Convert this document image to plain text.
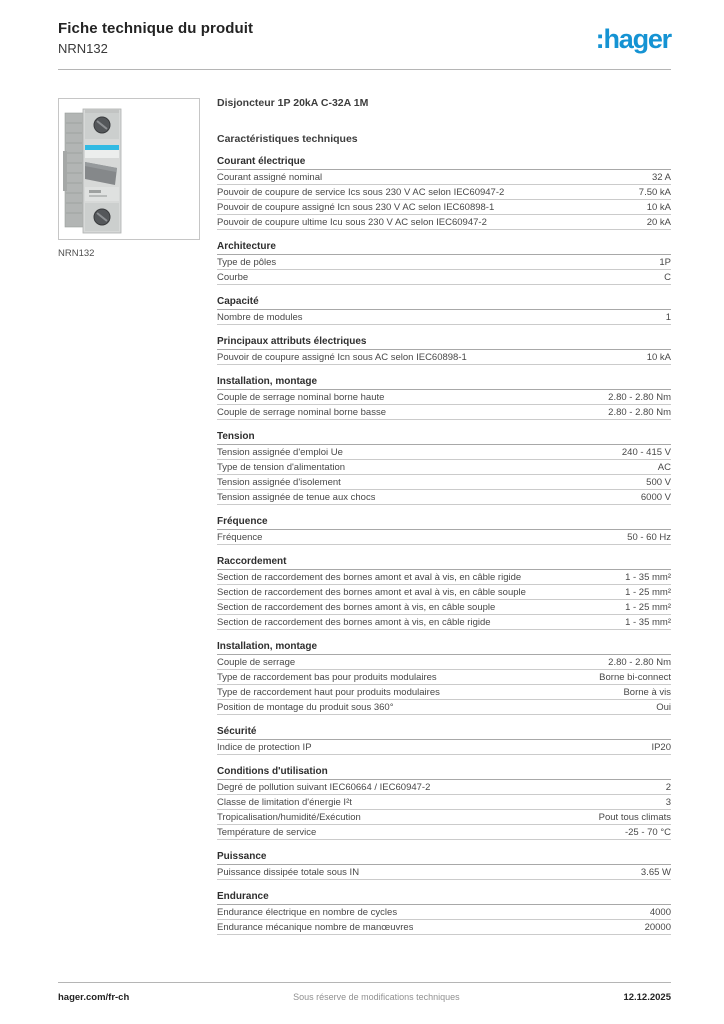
Fiche technique du produit
NRN132	:hager
NRN132
Disjoncteur 1P 20kA C-32A 1M
Caractéristiques techniques
Courant électrique
Courant assigné nominal	32 A
Pouvoir de coupure de service Ics sous 230 V AC selon IEC60947-2	7.50 kA
Pouvoir de coupure assigné Icn sous 230 V AC selon IEC60898-1	10 kA
Pouvoir de coupure ultime Icu sous 230 V AC selon IEC60947-2	20 kA
Architecture
Type de pôles	1P
Courbe	C
Capacité
Nombre de modules	1
Principaux attributs électriques
Pouvoir de coupure assigné Icn sous AC selon IEC60898-1	10 kA
Installation, montage
Couple de serrage nominal borne haute	2.80 - 2.80 Nm
Couple de serrage nominal borne basse	2.80 - 2.80 Nm
Tension
Tension assignée d'emploi Ue	240 - 415 V
Type de tension d'alimentation	AC
Tension assignée d'isolement	500 V
Tension assignée de tenue aux chocs	6000 V
Fréquence
Fréquence	50 - 60 Hz
Raccordement
Section de raccordement des bornes amont et aval à vis, en câble rigide	1 - 35 mm²
Section de raccordement des bornes amont et aval à vis, en câble souple	1 - 25 mm²
Section de raccordement des bornes amont à vis, en câble souple	1 - 25 mm²
Section de raccordement des bornes amont à vis, en câble rigide	1 - 35 mm²
Installation, montage
Couple de serrage	2.80 - 2.80 Nm
Type de raccordement bas pour produits modulaires	Borne bi-connect
Type de raccordement haut pour produits modulaires	Borne à vis
Position de montage du produit sous 360°	Oui
Sécurité
Indice de protection IP	IP20
Conditions d'utilisation
Degré de pollution suivant IEC60664 / IEC60947-2	2
Classe de limitation d'énergie I²t	3
Tropicalisation/humidité/Exécution	Pout tous climats
Température de service	-25 - 70 °C
Puissance
Puissance dissipée totale sous IN	3.65 W
Endurance
Endurance électrique en nombre de cycles	4000
Endurance mécanique nombre de manœuvres	20000
hager.com/fr-ch	Sous réserve de modifications techniques	12.12.2025
